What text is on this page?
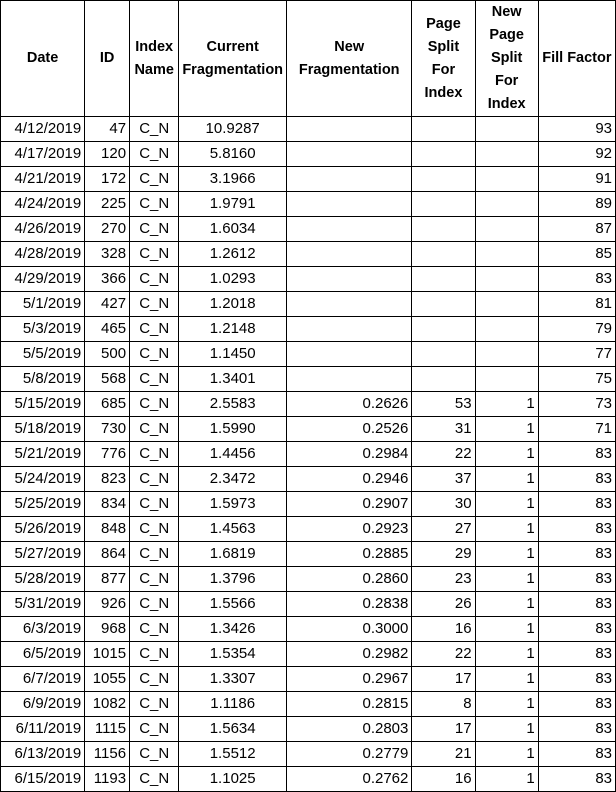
Date	ID	Index Name	Current Fragmentation	New Fragmentation	Page Split For Index	New Page Split For Index	Fill Factor
4/12/2019	47	C_N	10.9287				93
4/17/2019	120	C_N	5.8160				92
4/21/2019	172	C_N	3.1966				91
4/24/2019	225	C_N	1.9791				89
4/26/2019	270	C_N	1.6034				87
4/28/2019	328	C_N	1.2612				85
4/29/2019	366	C_N	1.0293				83
5/1/2019	427	C_N	1.2018				81
5/3/2019	465	C_N	1.2148				79
5/5/2019	500	C_N	1.1450				77
5/8/2019	568	C_N	1.3401				75
5/15/2019	685	C_N	2.5583	0.2626	53	1	73
5/18/2019	730	C_N	1.5990	0.2526	31	1	71
5/21/2019	776	C_N	1.4456	0.2984	22	1	83
5/24/2019	823	C_N	2.3472	0.2946	37	1	83
5/25/2019	834	C_N	1.5973	0.2907	30	1	83
5/26/2019	848	C_N	1.4563	0.2923	27	1	83
5/27/2019	864	C_N	1.6819	0.2885	29	1	83
5/28/2019	877	C_N	1.3796	0.2860	23	1	83
5/31/2019	926	C_N	1.5566	0.2838	26	1	83
6/3/2019	968	C_N	1.3426	0.3000	16	1	83
6/5/2019	1015	C_N	1.5354	0.2982	22	1	83
6/7/2019	1055	C_N	1.3307	0.2967	17	1	83
6/9/2019	1082	C_N	1.1186	0.2815	8	1	83
6/11/2019	1115	C_N	1.5634	0.2803	17	1	83
6/13/2019	1156	C_N	1.5512	0.2779	21	1	83
6/15/2019	1193	C_N	1.1025	0.2762	16	1	83
